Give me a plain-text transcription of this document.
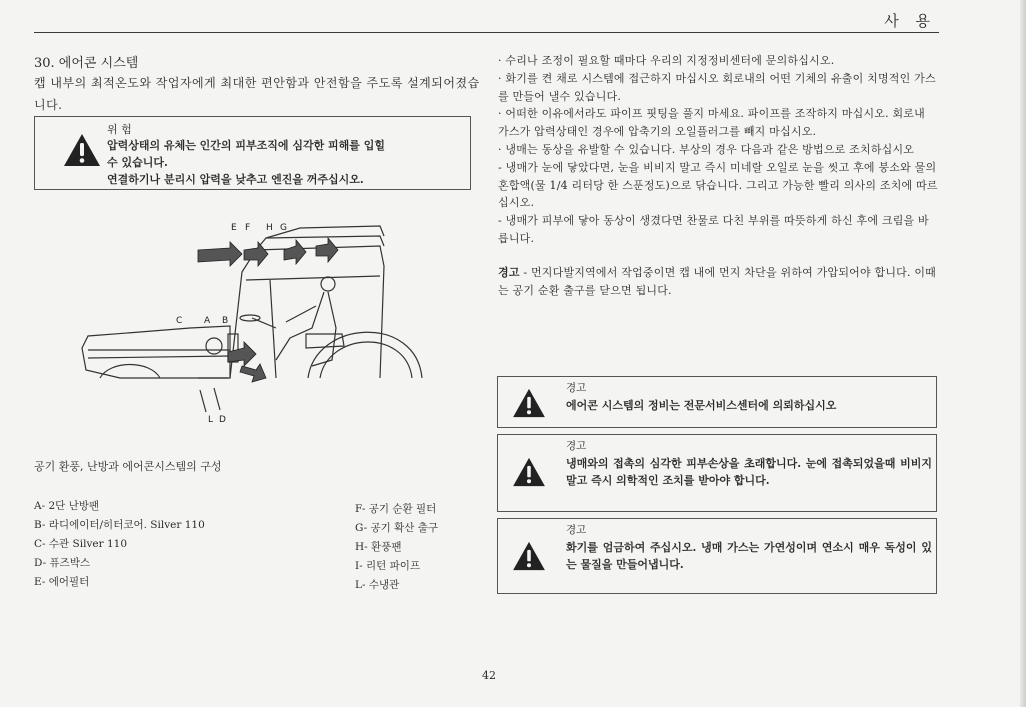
사 용
30. 에어콘 시스템
캡 내부의 최적온도와 작업자에게 최대한 편안함과 안전함을 주도록 설계되어졌습니다.
위 험
압력상태의 유체는 인간의 피부조직에 심각한 피해를 입힐
수 있습니다.
연결하기나 분리시 압력을 낮추고 엔진을 꺼주십시오.
E F H G
C A B
L D
공기 환풍, 난방과 에어콘시스템의 구성
A- 2단 난방팬
B- 라디에이터/히터코어. Silver 110
C- 수관 Silver 110
D- 퓨즈박스
E- 에어필터
F- 공기 순환 필터
G- 공기 확산 출구
H- 환풍팬
I- 리턴 파이프
L- 수냉관

· 수리나 조정이 필요할 때마다 우리의 지정정비센터에 문의하십시오.

· 화기를 켠 채로 시스템에 접근하지 마십시오 회로내의 어떤 기체의 유출이 치명적인 가스를 만들어 낼수 있습니다.

· 어떠한 이유에서라도 파이프 핏팅을 풀지 마세요. 파이프를 조작하지 마십시오. 회로내 가스가 압력상태인 경우에 압축기의 오일플러그를 빼지 마십시오.

· 냉매는 동상을 유발할 수 있습니다. 부상의 경우 다음과 같은 방법으로 조치하십시오

- 냉매가 눈에 닿았다면, 눈을 비비지 말고 즉시 미네랄 오일로 눈을 씻고 후에 붕소와 물의 혼합액(물 1/4 리터당 한 스푼정도)으로 닦습니다. 그리고 가능한 빨리 의사의 조치에 따르십시오.

- 냉매가 피부에 닿아 동상이 생겼다면 찬물로 다친 부위를 따뜻하게 하신 후에 크림을 바릅니다.

경고 - 먼지다발지역에서 작업중이면 캡 내에 먼지 차단을 위하여 가압되어야 합니다. 이때는 공기 순환 출구를 닫으면 됩니다.

경고
에어콘 시스템의 정비는 전문서비스센터에 의뢰하십시오
경고
냉매와의 접촉의 심각한 피부손상을 초래합니다. 눈에 접촉되었을때 비비지 말고 즉시 의학적인 조치를 받아야 합니다.
경고
화기를 엄금하여 주십시오. 냉매 가스는 가연성이며 연소시 매우 독성이 있는 물질을 만들어냅니다.
42
